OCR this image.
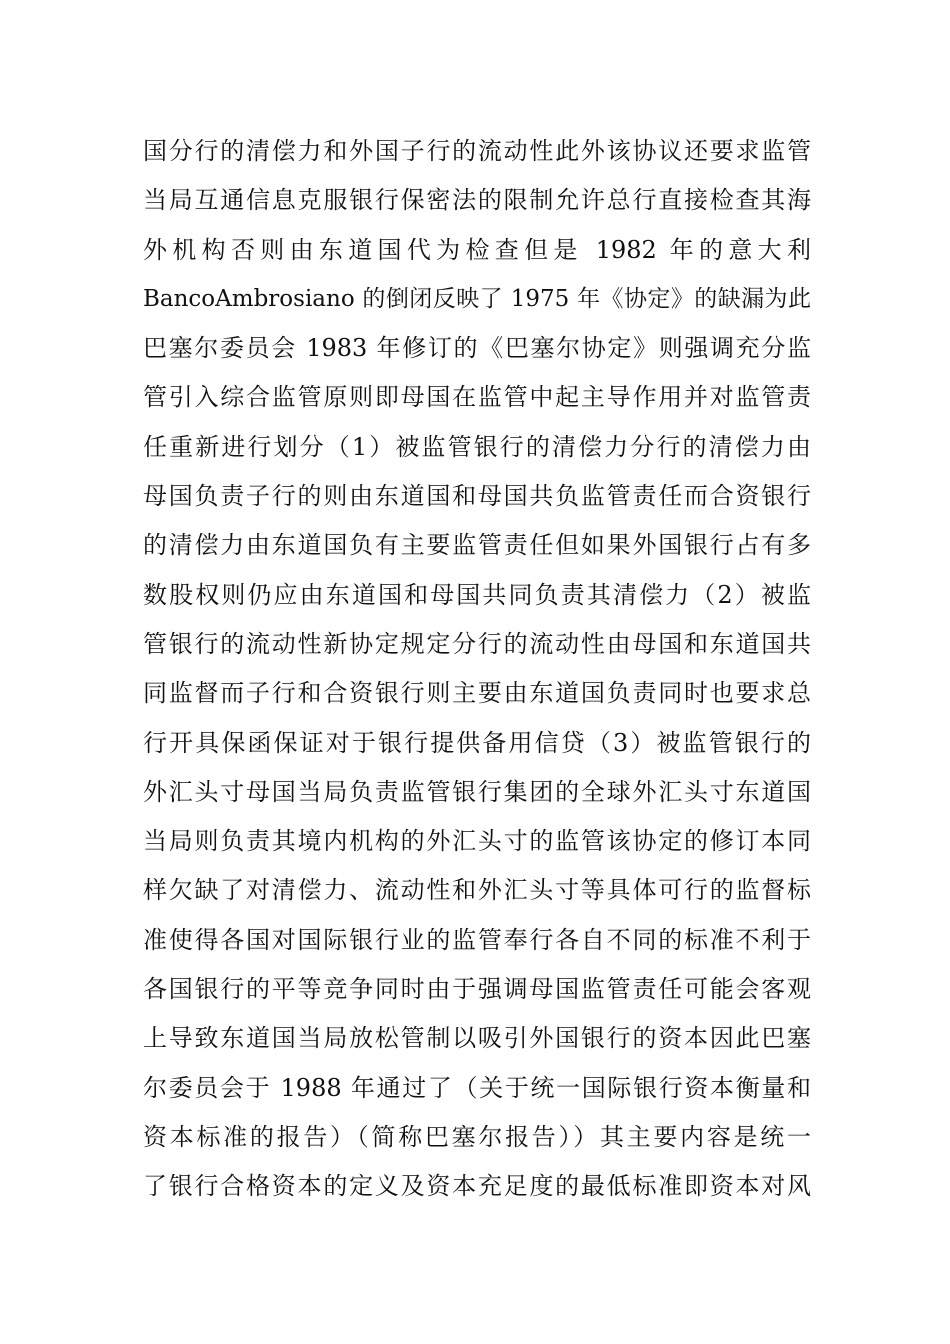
国分行的清偿力和外国子行的流动性此外该协议还要求监管
当局互通信息克服银行保密法的限制允许总行直接检查其海
外机构否则由东道国代为检查但是 1982 年的意大利
BancoAmbrosiano 的倒闭反映了 1975 年《协定》的缺漏为此
巴塞尔委员会 1983 年修订的《巴塞尔协定》则强调充分监
管引入综合监管原则即母国在监管中起主导作用并对监管责
任重新进行划分（1）被监管银行的清偿力分行的清偿力由
母国负责子行的则由东道国和母国共负监管责任而合资银行
的清偿力由东道国负有主要监管责任但如果外国银行占有多
数股权则仍应由东道国和母国共同负责其清偿力（2）被监
管银行的流动性新协定规定分行的流动性由母国和东道国共
同监督而子行和合资银行则主要由东道国负责同时也要求总
行开具保函保证对于银行提供备用信贷（3）被监管银行的
外汇头寸母国当局负责监管银行集团的全球外汇头寸东道国
当局则负责其境内机构的外汇头寸的监管该协定的修订本同
样欠缺了对清偿力、流动性和外汇头寸等具体可行的监督标
准使得各国对国际银行业的监管奉行各自不同的标准不利于
各国银行的平等竞争同时由于强调母国监管责任可能会客观
上导致东道国当局放松管制以吸引外国银行的资本因此巴塞
尔委员会于 1988 年通过了（关于统一国际银行资本衡量和
资本标准的报告）（简称巴塞尔报告））其主要内容是统一
了银行合格资本的定义及资本充足度的最低标准即资本对风
